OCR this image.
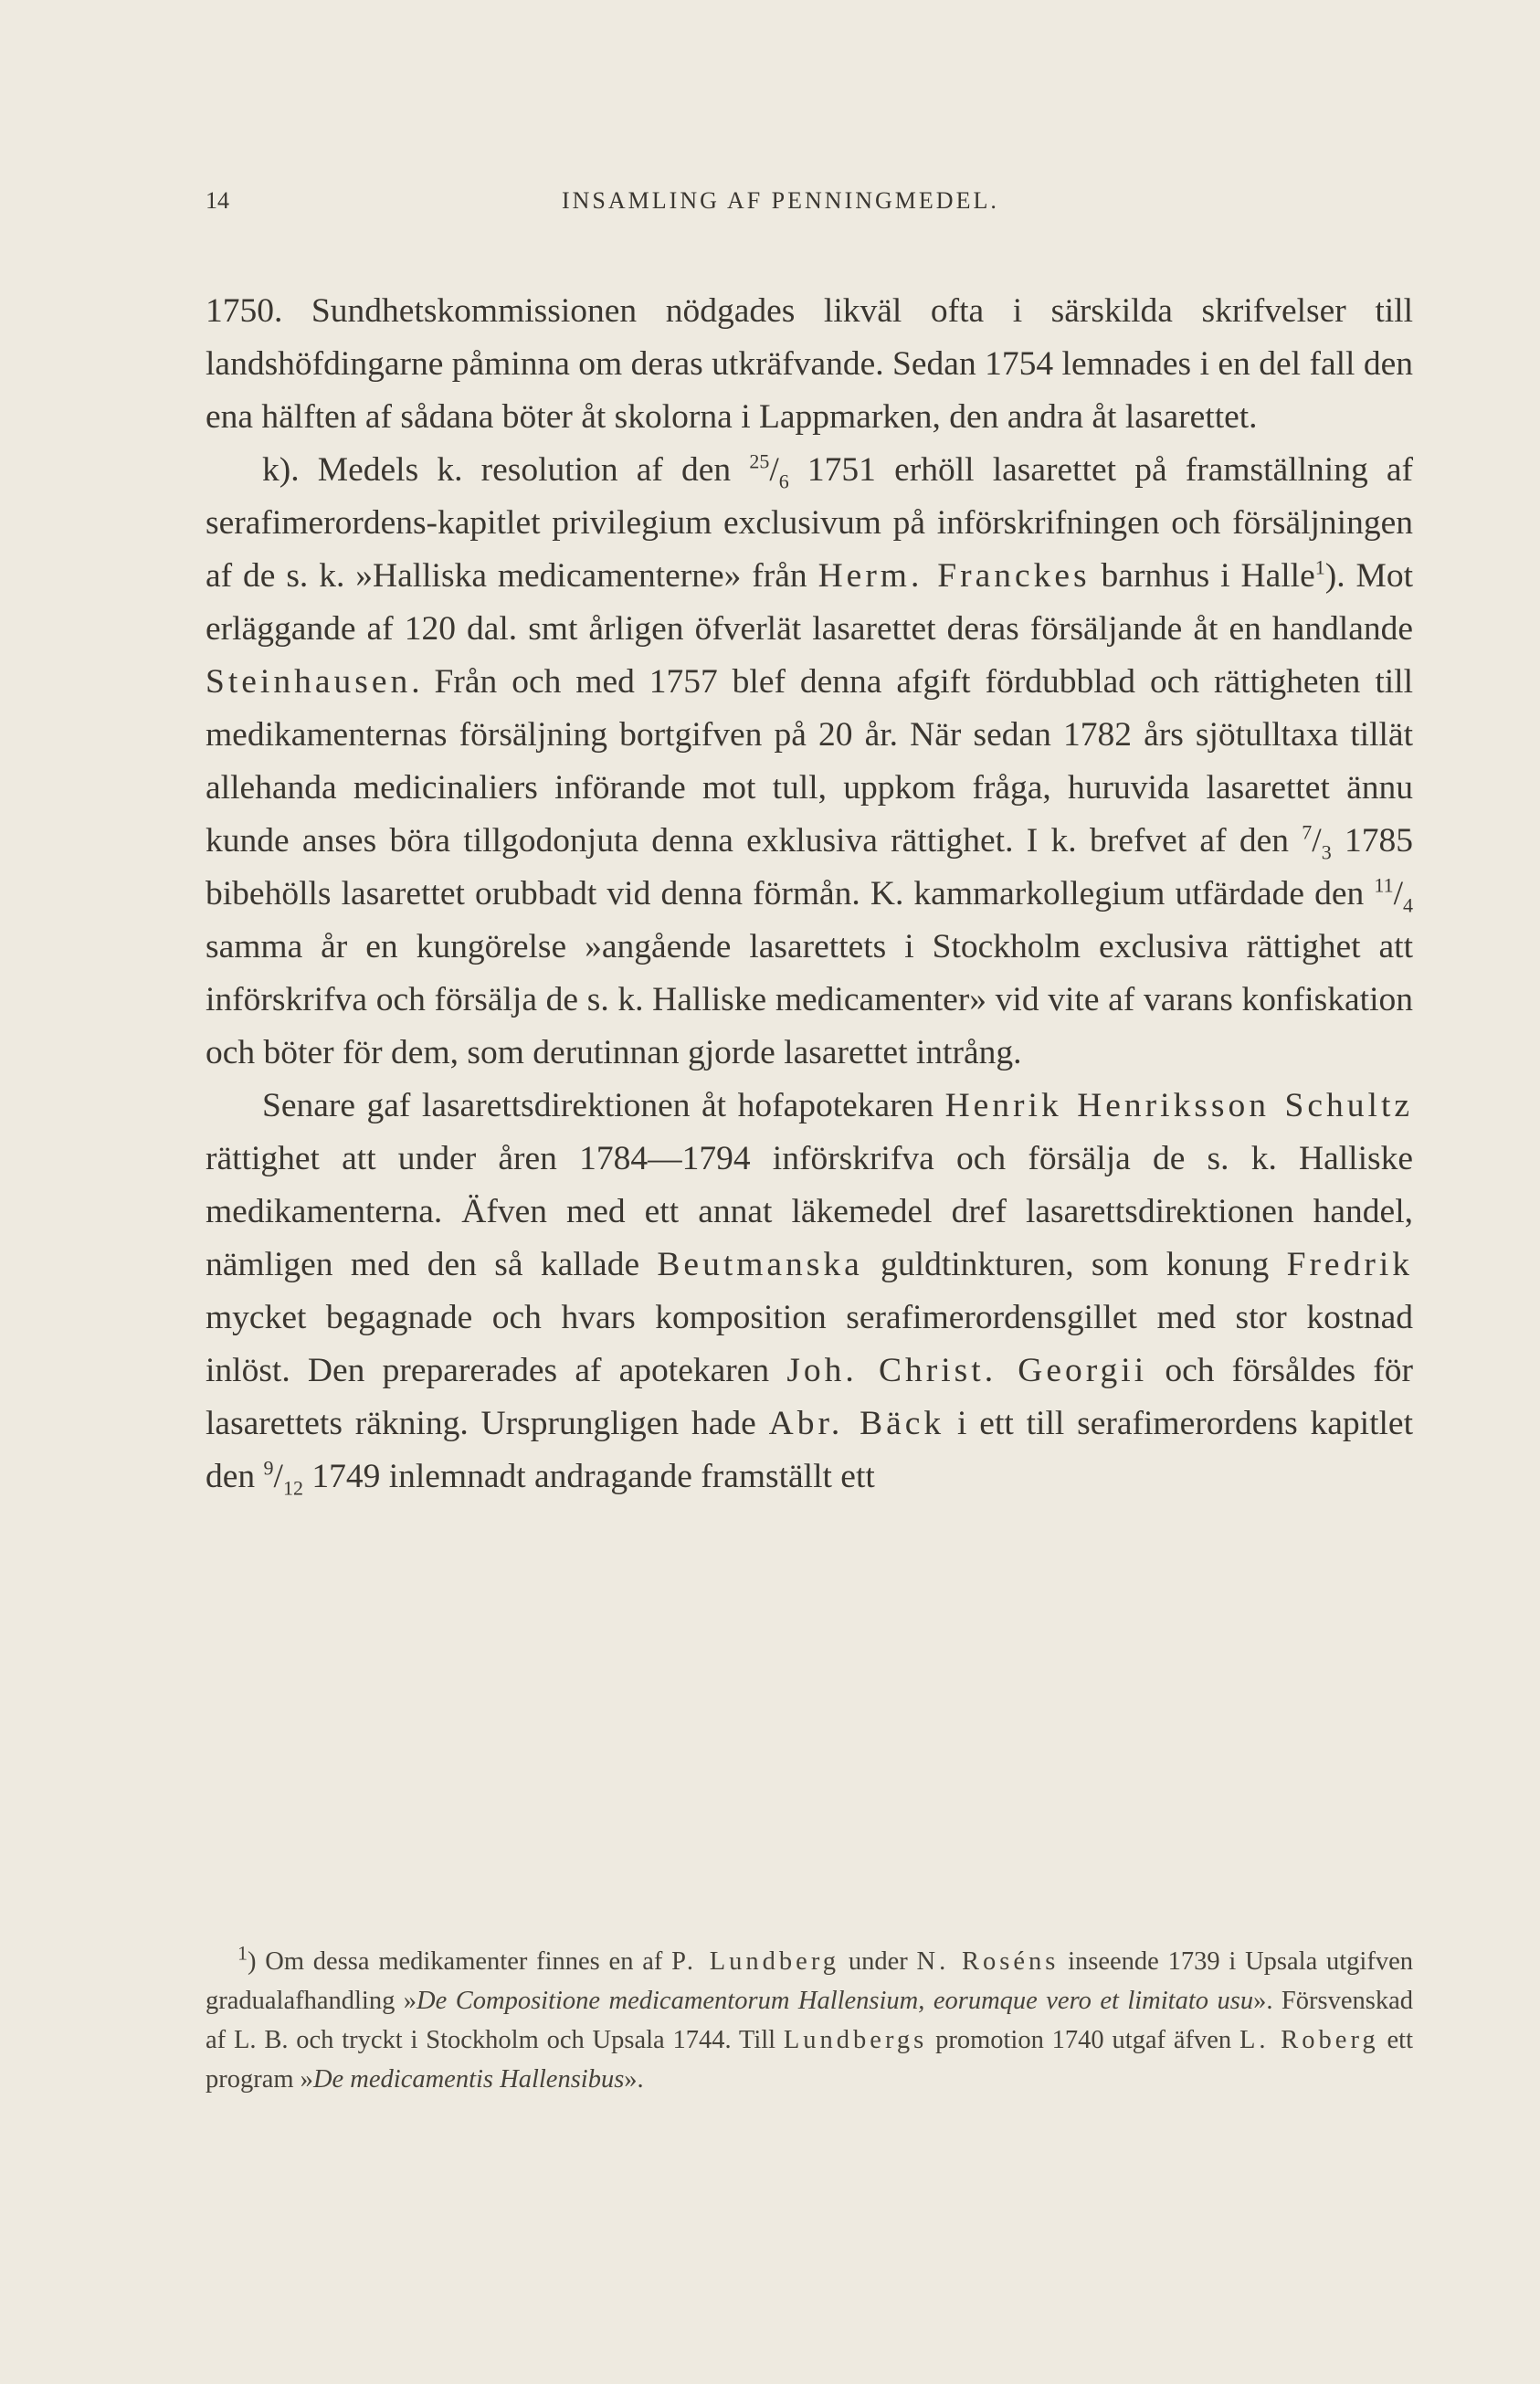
14	INSAMLING AF PENNINGMEDEL.

1750. Sundhetskommissionen nödgades likväl ofta i särskilda skrifvelser till landshöfdingarne påminna om deras utkräfvande. Sedan 1754 lemnades i en del fall den ena hälften af sådana böter åt skolorna i Lappmarken, den andra åt lasarettet.

k). Medels k. resolution af den $^{25}/_6$ 1751 erhöll lasarettet på framställning af serafimerordens-kapitlet privilegium exclusivum på införskrifningen och försäljningen af de s. k. »Halliska medicamenterne» från Herm. Franckes barnhus i Halle$^1$). Mot erläggande af 120 dal. smt årligen öfverlät lasarettet deras försäljande åt en handlande Steinhausen. Från och med 1757 blef denna afgift fördubblad och rättigheten till medikamenternas försäljning bortgifven på 20 år. När sedan 1782 års sjötulltaxa tillät allehanda medicinaliers införande mot tull, uppkom fråga, huruvida lasarettet ännu kunde anses böra tillgodonjuta denna exklusiva rättighet. I k. brefvet af den $^7/_3$ 1785 bibehölls lasarettet orubbadt vid denna förmån. K. kammarkollegium utfärdade den $^{11}/_4$ samma år en kungörelse »angående lasarettets i Stockholm exclusiva rättighet att införskrifva och försälja de s. k. Halliske medicamenter» vid vite af varans konfiskation och böter för dem, som derutinnan gjorde lasarettet intrång.

Senare gaf lasarettsdirektionen åt hofapotekaren Henrik Henriksson Schultz rättighet att under åren 1784—1794 införskrifva och försälja de s. k. Halliske medikamenterna. Äfven med ett annat läkemedel dref lasarettsdirektionen handel, nämligen med den så kallade Beutmanska guldtinkturen, som konung Fredrik mycket begagnade och hvars komposition serafimerordensgillet med stor kostnad inlöst. Den preparerades af apotekaren Joh. Christ. Georgii och försåldes för lasarettets räkning. Ursprungligen hade Abr. Bäck i ett till serafimerordens kapitlet den $^9/_{12}$ 1749 inlemnadt andragande framställt ett

$^1$) Om dessa medikamenter finnes en af P. Lundberg under N. Roséns inseende 1739 i Upsala utgifven gradualafhandling »De Compositione medicamentorum Hallensium, eorumque vero et limitato usu». Försvenskad af L. B. och tryckt i Stockholm och Upsala 1744. Till Lundbergs promotion 1740 utgaf äfven L. Roberg ett program »De medicamentis Hallensibus».
